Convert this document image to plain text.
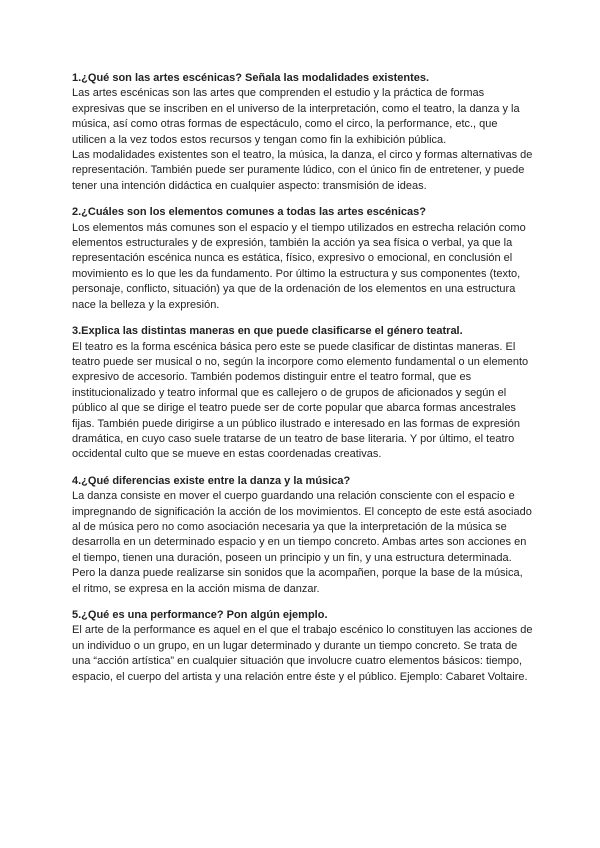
1.¿Qué son las artes escénicas? Señala las modalidades existentes.

Las artes escénicas son las artes que comprenden el estudio y la práctica de formas expresivas que se inscriben en el universo de la interpretación, como el teatro, la danza y la música, así como otras formas de espectáculo, como el circo, la performance, etc., que utilicen a la vez todos estos recursos y tengan como fin la exhibición pública.

Las modalidades existentes son el teatro, la música, la danza, el circo y formas alternativas de representación. También puede ser puramente lúdico, con el único fin de entretener, y puede tener una intención didáctica en cualquier aspecto: transmisión de ideas.

2.¿Cuáles son los elementos comunes a todas las artes escénicas?

Los elementos más comunes son el espacio y el tiempo utilizados en estrecha relación como elementos estructurales y de expresión, también la acción ya sea física o verbal, ya que la representación escénica nunca es estática, físico, expresivo o emocional, en conclusión el movimiento es lo que les da fundamento. Por último la estructura y sus componentes (texto, personaje, conflicto, situación) ya que de la ordenación de los elementos en una estructura nace la belleza y la expresión.

3.Explica las distintas maneras en que puede clasificarse el género teatral.

El teatro es la forma escénica básica pero este se puede clasificar de distintas maneras. El teatro puede ser musical o no, según la incorpore como elemento fundamental o un elemento expresivo de accesorio. También podemos distinguir entre el teatro formal, que es institucionalizado y teatro informal que es callejero o de grupos de aficionados y según el público al que se dirige el teatro puede ser de corte popular que abarca formas ancestrales fijas. También puede dirigirse a un público ilustrado e interesado en las formas de expresión dramática, en cuyo caso suele tratarse de un teatro de base literaria. Y por último, el teatro occidental culto que se mueve en estas coordenadas creativas.

4.¿Qué diferencias existe entre la danza y la música?

La danza consiste en mover el cuerpo guardando una relación consciente con el espacio e impregnando de significación la acción de los movimientos. El concepto de este está asociado al de música pero no como asociación necesaria ya que la interpretación de la música se desarrolla en un determinado espacio y en un tiempo concreto. Ambas artes son acciones en el tiempo, tienen una duración, poseen un principio y un fin, y una estructura determinada. Pero la danza puede realizarse sin sonidos que la acompañen, porque la base de la música, el ritmo, se expresa en la acción misma de danzar.

5.¿Qué es una performance? Pon algún ejemplo.

El arte de la performance es aquel en el que el trabajo escénico lo constituyen las acciones de un individuo o un grupo, en un lugar determinado y durante un tiempo concreto. Se trata de una “acción artística” en cualquier situación que involucre cuatro elementos básicos: tiempo, espacio, el cuerpo del artista y una relación entre éste y el público. Ejemplo: Cabaret Voltaire.
